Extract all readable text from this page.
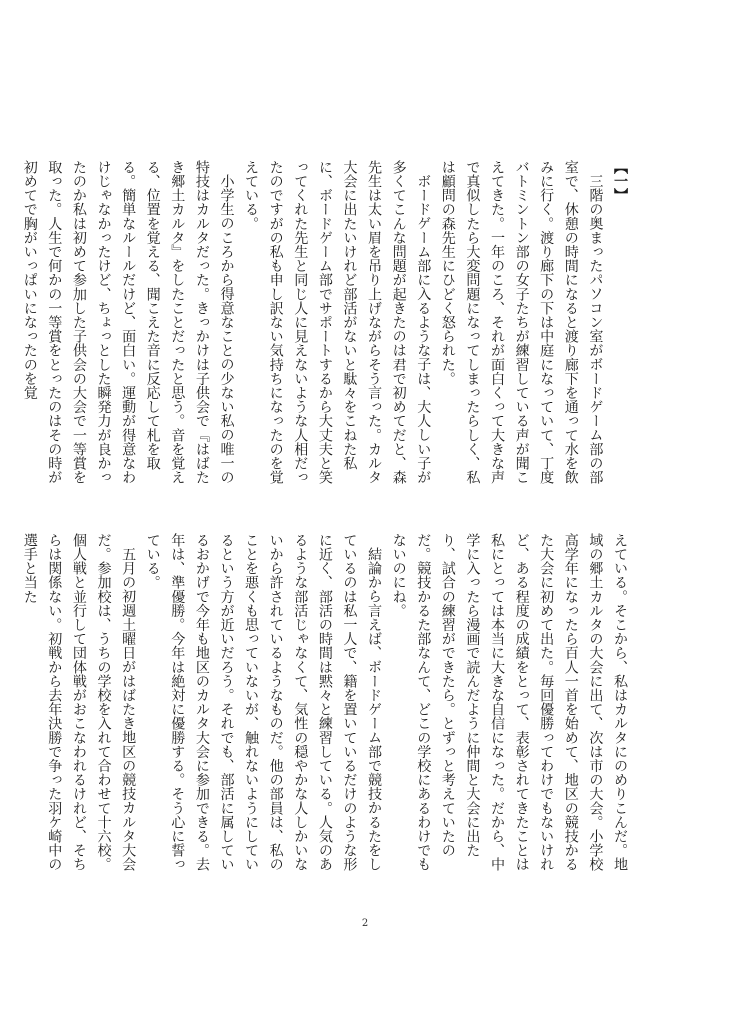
【一】

三階の奥まったパソコン室がボードゲーム部の部室で、休憩の時間になると渡り廊下を通って水を飲みに行く。渡り廊下の下は中庭になっていて、丁度バトミントン部の女子たちが練習している声が聞こえてきた。一年のころ、それが面白くって大きな声で真似したら大変問題になってしまったらしく、私は顧問の森先生にひどく怒られた。

ボードゲーム部に入るような子は、大人しい子が多くてこんな問題が起きたのは君で初めてだと、森先生は太い眉を吊り上げながらそう言った。カルタ大会に出たいけれど部活がないと駄々をこねた私に、ボードゲーム部でサポートするから大丈夫と笑ってくれた先生と同じ人に見えないような人相だったのですがの私も申し訳ない気持ちになったのを覚えている。

小学生のころから得意なことの少ない私の唯一の特技はカルタだった。きっかけは子供会で『はばたき郷土カルタ』をしたことだったと思う。音を覚える、位置を覚える、聞こえた音に反応して札を取る。簡単なルールだけど、面白い。運動が得意なわけじゃなかったけど、ちょっとした瞬発力が良かったのか私は初めて参加した子供会の大会で一等賞を取った。人生で何かの一等賞をとったのはその時が初めてで胸がいっぱいになったのを覚

えている。そこから、私はカルタにのめりこんだ。地域の郷土カルタの大会に出て、次は市の大会。小学校高学年になったら百人一首を始めて、地区の競技かるた大会に初めて出た。毎回優勝ってわけでもないけれど、ある程度の成績をとって、表彰されてきたことは私にとっては本当に大きな自信になった。だから、中学に入ったら漫画で読んだように仲間と大会に出たり、試合の練習ができたら。とずっと考えていたのだ。競技かるた部なんて、どこの学校にあるわけでもないのにね。

結論から言えば、ボードゲーム部で競技かるたをしているのは私一人で、籍を置いているだけのような形に近く、部活の時間は黙々と練習している。人気のあるような部活じゃなくて、気性の穏やかな人しかいないから許されているようなものだ。他の部員は、私のことを悪くも思っていないが、触れないようにしているという方が近いだろう。それでも、部活に属しているおかげで今年も地区のカルタ大会に参加できる。去年は、準優勝。今年は絶対に優勝する。そう心に誓っている。

五月の初週土曜日がはばたき地区の競技カルタ大会だ。参加校は、うちの学校を入れて合わせて十六校。個人戦と並行して団体戦がおこなわれるけれど、そちらは関係ない。初戦から去年決勝で争った羽ケ崎中の選手と当た

2
